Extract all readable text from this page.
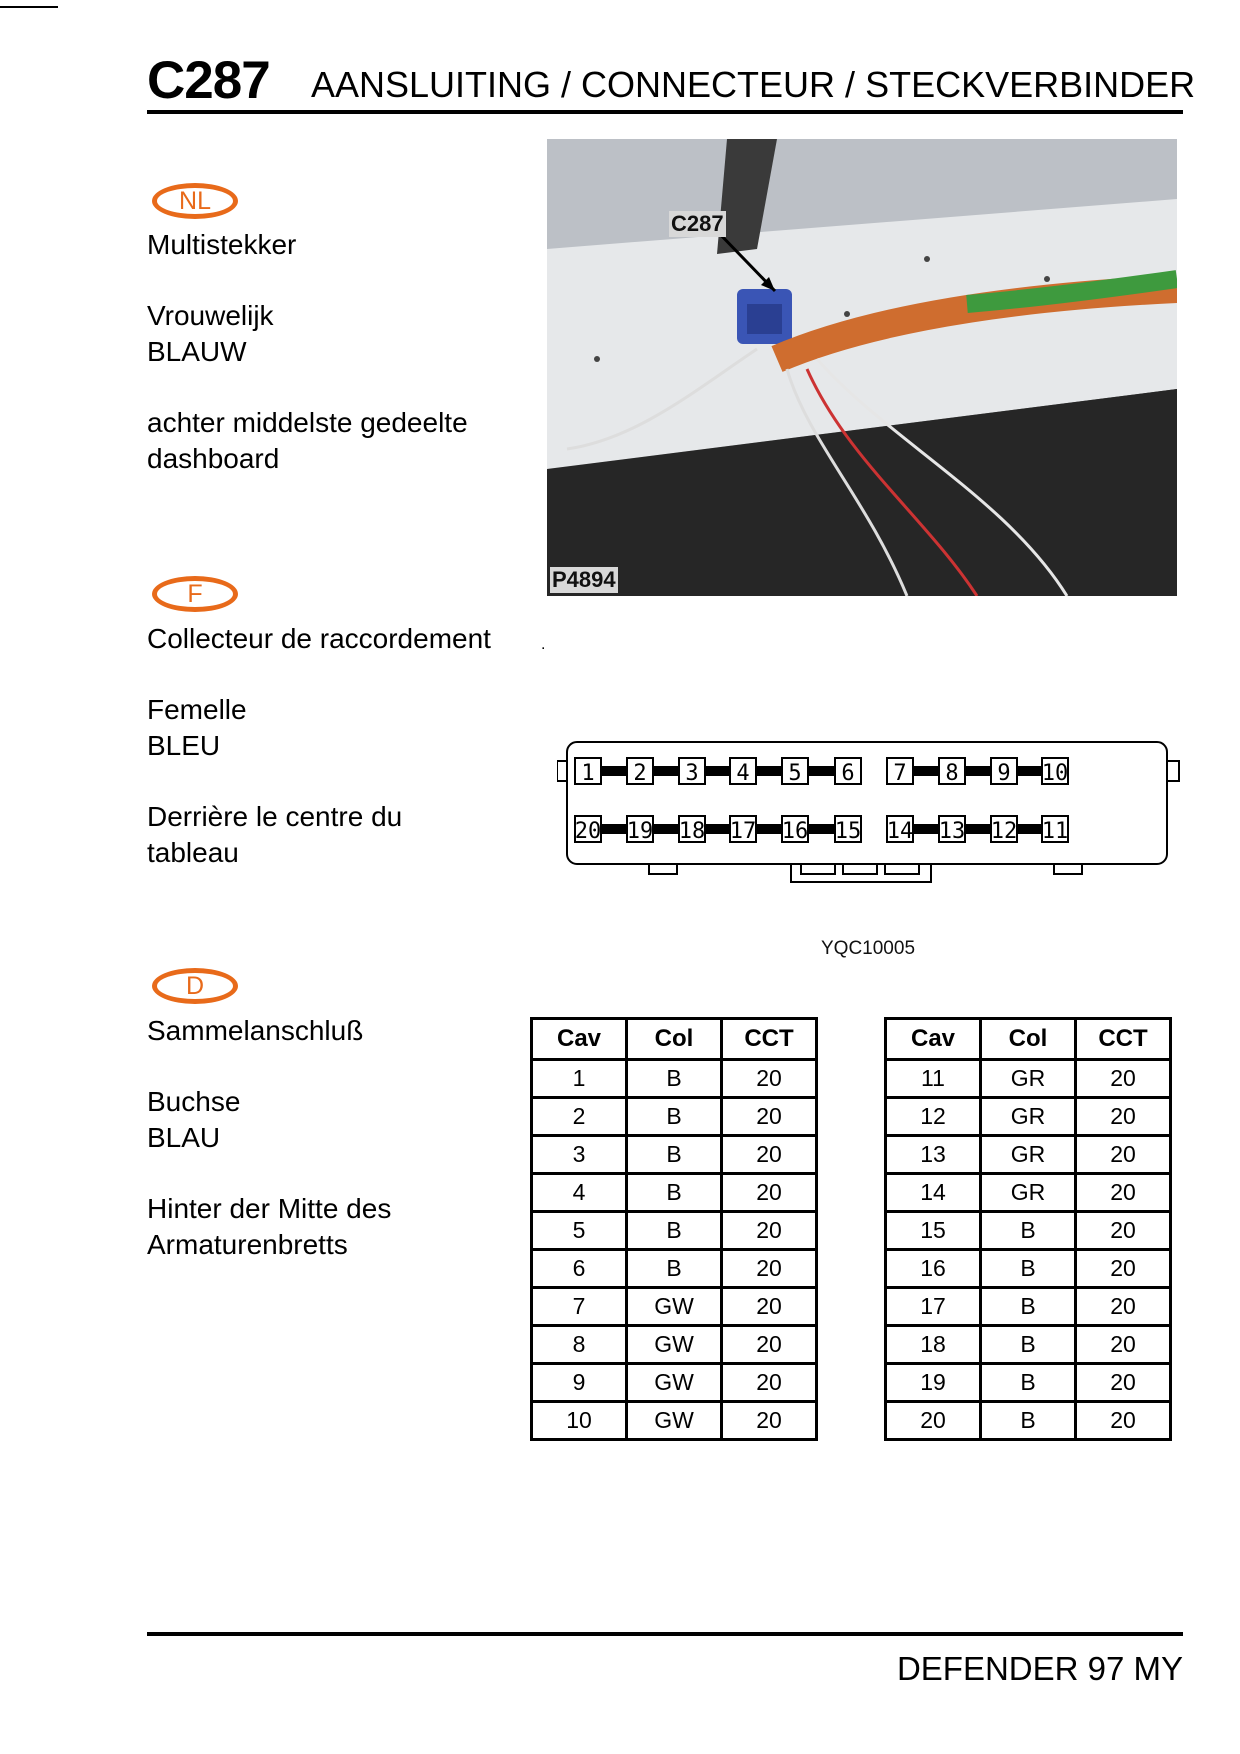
C287 AANSLUITING / CONNECTEUR / STECKVERBINDER
NL

Multistekker

Vrouwelijk

BLAUW

achter middelste gedeelte

dashboard

F

Collecteur de raccordement

Femelle

BLEU

Derrière le centre du

tableau

D

Sammelanschluß

Buchse

BLAU

Hinter der Mitte des

Armaturenbretts

C287
P4894
.
1 2 3 4 5 6 7 8 9 10
20 19 18 17 16 15 14 13 12 11
YQC10005
Cav	Col	CCT
1	B	20
2	B	20
3	B	20
4	B	20
5	B	20
6	B	20
7	GW	20
8	GW	20
9	GW	20
10	GW	20
Cav	Col	CCT
11	GR	20
12	GR	20
13	GR	20
14	GR	20
15	B	20
16	B	20
17	B	20
18	B	20
19	B	20
20	B	20
DEFENDER 97 MY
